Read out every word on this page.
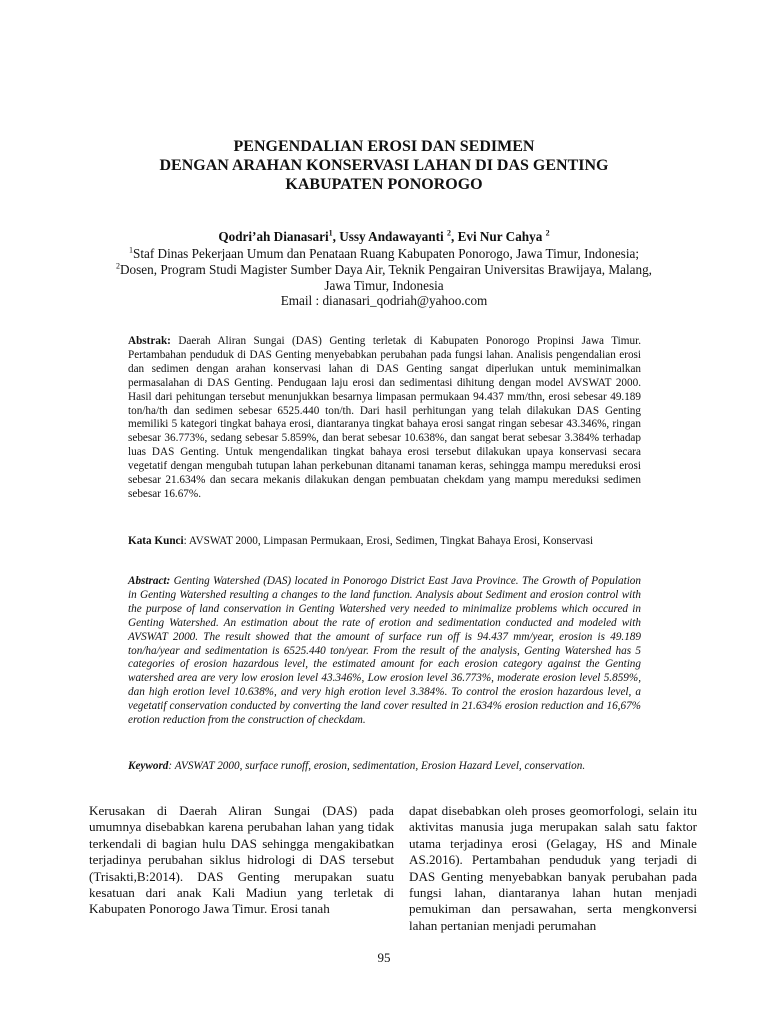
PENGENDALIAN EROSI DAN SEDIMEN
DENGAN ARAHAN KONSERVASI LAHAN DI DAS GENTING
KABUPATEN PONOROGO
Qodri’ah Dianasari$^1$, Ussy Andawayanti $^2$, Evi Nur Cahya $^2$
$^1$Staf Dinas Pekerjaan Umum dan Penataan Ruang Kabupaten Ponorogo, Jawa Timur, Indonesia;
$^2$Dosen, Program Studi Magister Sumber Daya Air, Teknik Pengairan Universitas Brawijaya, Malang,
Jawa Timur, Indonesia
Email : dianasari_qodriah@yahoo.com
Abstrak: Daerah Aliran Sungai (DAS) Genting terletak di Kabupaten Ponorogo Propinsi Jawa Timur. Pertambahan penduduk di DAS Genting menyebabkan perubahan pada fungsi lahan. Analisis pengendalian erosi dan sedimen dengan arahan konservasi lahan di DAS Genting sangat diperlukan untuk meminimalkan permasalahan di DAS Genting. Pendugaan laju erosi dan sedimentasi dihitung dengan model AVSWAT 2000. Hasil dari pehitungan tersebut menunjukkan besarnya limpasan permukaan 94.437 mm/thn, erosi sebesar 49.189 ton/ha/th dan sedimen sebesar 6525.440 ton/th. Dari hasil perhitungan yang telah dilakukan DAS Genting memiliki 5 kategori tingkat bahaya erosi, diantaranya tingkat bahaya erosi sangat ringan sebesar 43.346%, ringan sebesar 36.773%, sedang sebesar 5.859%, dan berat sebesar 10.638%, dan sangat berat sebesar 3.384% terhadap luas DAS Genting. Untuk mengendalikan tingkat bahaya erosi tersebut dilakukan upaya konservasi secara vegetatif dengan mengubah tutupan lahan perkebunan ditanami tanaman keras, sehingga mampu mereduksi erosi sebesar 21.634% dan secara mekanis dilakukan dengan pembuatan chekdam yang mampu mereduksi sedimen sebesar 16.67%.
Kata Kunci: AVSWAT 2000, Limpasan Permukaan, Erosi, Sedimen, Tingkat Bahaya Erosi, Konservasi
Abstract: Genting Watershed (DAS) located in Ponorogo District East Java Province. The Growth of Population in Genting Watershed resulting a changes to the land function. Analysis about Sediment and erosion control with the purpose of land conservation in Genting Watershed very needed to minimalize problems which occured in Genting Watershed. An estimation about the rate of erotion and sedimentation conducted and modeled with AVSWAT 2000. The result showed that the amount of surface run off is 94.437 mm/year, erosion is 49.189 ton/ha/year and sedimentation is 6525.440 ton/year. From the result of the analysis, Genting Watershed has 5 categories of erosion hazardous level, the estimated amount for each erosion category against the Genting watershed area are very low erosion level 43.346%, Low erosion level 36.773%, moderate erosion level 5.859%, dan high erotion level 10.638%, and very high erotion level 3.384%. To control the erosion hazardous level, a vegetatif conservation conducted by converting the land cover resulted in 21.634% erosion reduction and 16,67% erotion reduction from the construction of checkdam.
Keyword: AVSWAT 2000, surface runoff, erosion, sedimentation, Erosion Hazard Level, conservation.
Kerusakan di Daerah Aliran Sungai (DAS) pada umumnya disebabkan karena perubahan lahan yang tidak terkendali di bagian hulu DAS sehingga mengakibatkan terjadinya perubahan siklus hidrologi di DAS tersebut (Trisakti,B:2014). DAS Genting merupakan suatu kesatuan dari anak Kali Madiun yang terletak di Kabupaten Ponorogo Jawa Timur. Erosi tanah
dapat disebabkan oleh proses geomorfologi, selain itu aktivitas manusia juga merupakan salah satu faktor utama terjadinya erosi (Gelagay, HS and Minale AS.2016). Pertambahan penduduk yang terjadi di DAS Genting menyebabkan banyak perubahan pada fungsi lahan, diantaranya lahan hutan menjadi pemukiman dan persawahan, serta mengkonversi lahan pertanian menjadi perumahan
95
